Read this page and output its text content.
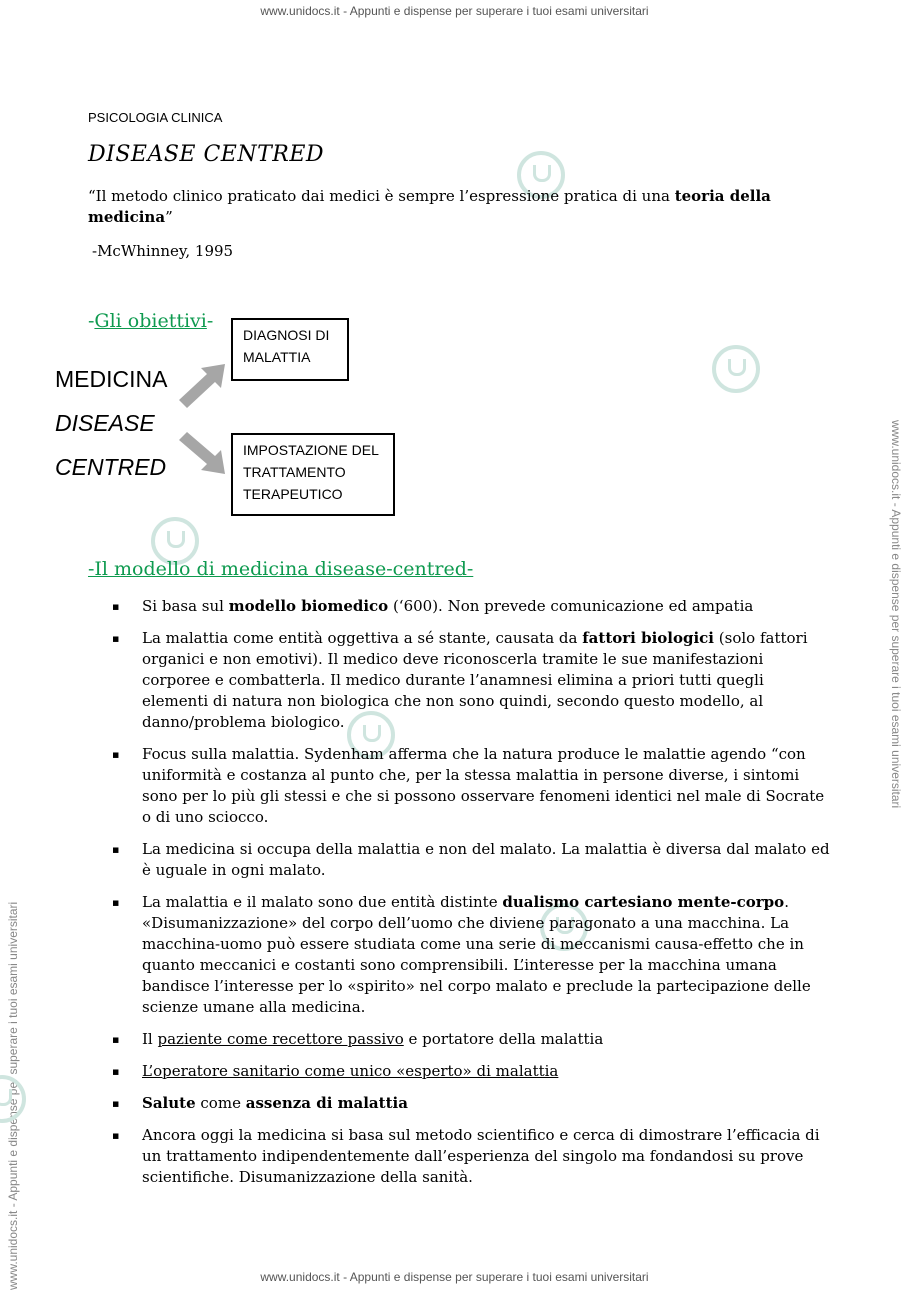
www.unidocs.it - Appunti e dispense per superare i tuoi esami universitari
www.unidocs.it - Appunti e dispense per superare i tuoi esami universitari
www.unidocs.it - Appunti e dispense per superare i tuoi esami universitari
www.unidocs.it - Appunti e dispense per superare i tuoi esami universitari
PSICOLOGIA CLINICA
DISEASE CENTRED
“Il metodo clinico praticato dai medici è sempre l’espressione pratica di una teoria della medicina”
-McWhinney, 1995
-Gli obiettivi-
MEDICINA
DISEASE
CENTRED
DIAGNOSI DI
MALATTIA
IMPOSTAZIONE DEL
TRATTAMENTO
TERAPEUTICO
-Il modello di medicina disease-centred-
▪ Si basa sul modello biomedico (‘600). Non prevede comunicazione ed ampatia
▪ La malattia come entità oggettiva a sé stante, causata da fattori biologici (solo fattori organici e non emotivi). Il medico deve riconoscerla tramite le sue manifestazioni corporee e combatterla. Il medico durante l’anamnesi elimina a priori tutti quegli elementi di natura non biologica che non sono quindi, secondo questo modello, al danno/problema biologico.
▪ Focus sulla malattia. Sydenham afferma che la natura produce le malattie agendo “con uniformità e costanza al punto che, per la stessa malattia in persone diverse, i sintomi sono per lo più gli stessi e che si possono osservare fenomeni identici nel male di Socrate o di uno sciocco.
▪ La medicina si occupa della malattia e non del malato. La malattia è diversa dal malato ed è uguale in ogni malato.
▪ La malattia e il malato sono due entità distinte dualismo cartesiano mente-corpo. «Disumanizzazione» del corpo dell’uomo che diviene paragonato a una macchina. La macchina-uomo può essere studiata come una serie di meccanismi causa-effetto che in quanto meccanici e costanti sono comprensibili. L’interesse per la macchina umana bandisce l’interesse per lo «spirito» nel corpo malato e preclude la partecipazione delle scienze umane alla medicina.
▪ Il paziente come recettore passivo e portatore della malattia
▪ L’operatore sanitario come unico «esperto» di malattia
▪ Salute come assenza di malattia
▪ Ancora oggi la medicina si basa sul metodo scientifico e cerca di dimostrare l’efficacia di un trattamento indipendentemente dall’esperienza del singolo ma fondandosi su prove scientifiche. Disumanizzazione della sanità.
